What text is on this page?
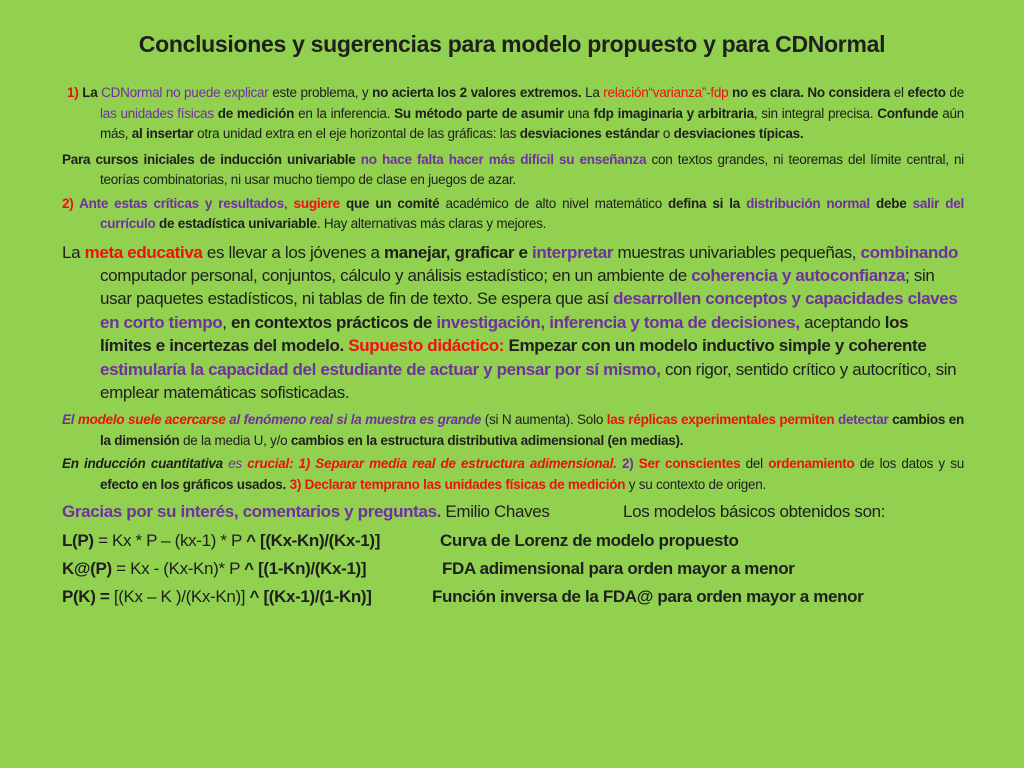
Conclusiones y sugerencias para modelo propuesto y para CDNormal

1) La CDNormal no puede explicar este problema, y no acierta los 2 valores extremos. La relación“varianza”-fdp no es clara. No considera el efecto de las unidades físicas de medición en la inferencia. Su método parte de asumir una fdp imaginaria y arbitraria, sin integral precisa. Confunde aún más, al insertar otra unidad extra en el eje horizontal de las gráficas: las desviaciones estándar o desviaciones típicas.

Para cursos iniciales de inducción univariable no hace falta hacer más difícil su enseñanza con textos grandes, ni teoremas del límite central, ni teorías combinatorias, ni usar mucho tiempo de clase en juegos de azar.

2) Ante estas críticas y resultados, sugiere que un comité académico de alto nivel matemático defina si la distribución normal debe salir del currículo de estadística univariable. Hay alternativas más claras y mejores.

La meta educativa es llevar a los jóvenes a manejar, graficar e interpretar muestras univariables pequeñas, combinando computador personal, conjuntos, cálculo y análisis estadístico; en un ambiente de coherencia y autoconfianza; sin usar paquetes estadísticos, ni tablas de fin de texto. Se espera que así desarrollen conceptos y capacidades claves en corto tiempo, en contextos prácticos de investigación, inferencia y toma de decisiones, aceptando los límites e incertezas del modelo. Supuesto didáctico: Empezar con un modelo inductivo simple y coherente estimularía la capacidad del estudiante de actuar y pensar por sí mismo, con rigor, sentido crítico y autocrítico, sin emplear matemáticas sofisticadas.

El modelo suele acercarse al fenómeno real si la muestra es grande (si N aumenta). Solo las réplicas experimentales permiten detectar cambios en la dimensión de la media U, y/o cambios en la estructura distributiva adimensional (en medias).

En inducción cuantitativa es crucial: 1) Separar media real de estructura adimensional. 2) Ser conscientes del ordenamiento de los datos y su efecto en los gráficos usados. 3) Declarar temprano las unidades físicas de medición y su contexto de origen.

Gracias por su interés, comentarios y preguntas. Emilio Chaves	Los modelos básicos obtenidos son:
L(P) = Kx * P – (kx-1) * P ^ [(Kx-Kn)/(Kx-1)]	Curva de Lorenz de modelo propuesto
K@(P) = Kx - (Kx-Kn)* P ^ [(1-Kn)/(Kx-1)]	FDA adimensional para orden mayor a menor
P(K) = [(Kx – K )/(Kx-Kn)] ^ [(Kx-1)/(1-Kn)]	Función inversa de la FDA@ para orden mayor a menor
